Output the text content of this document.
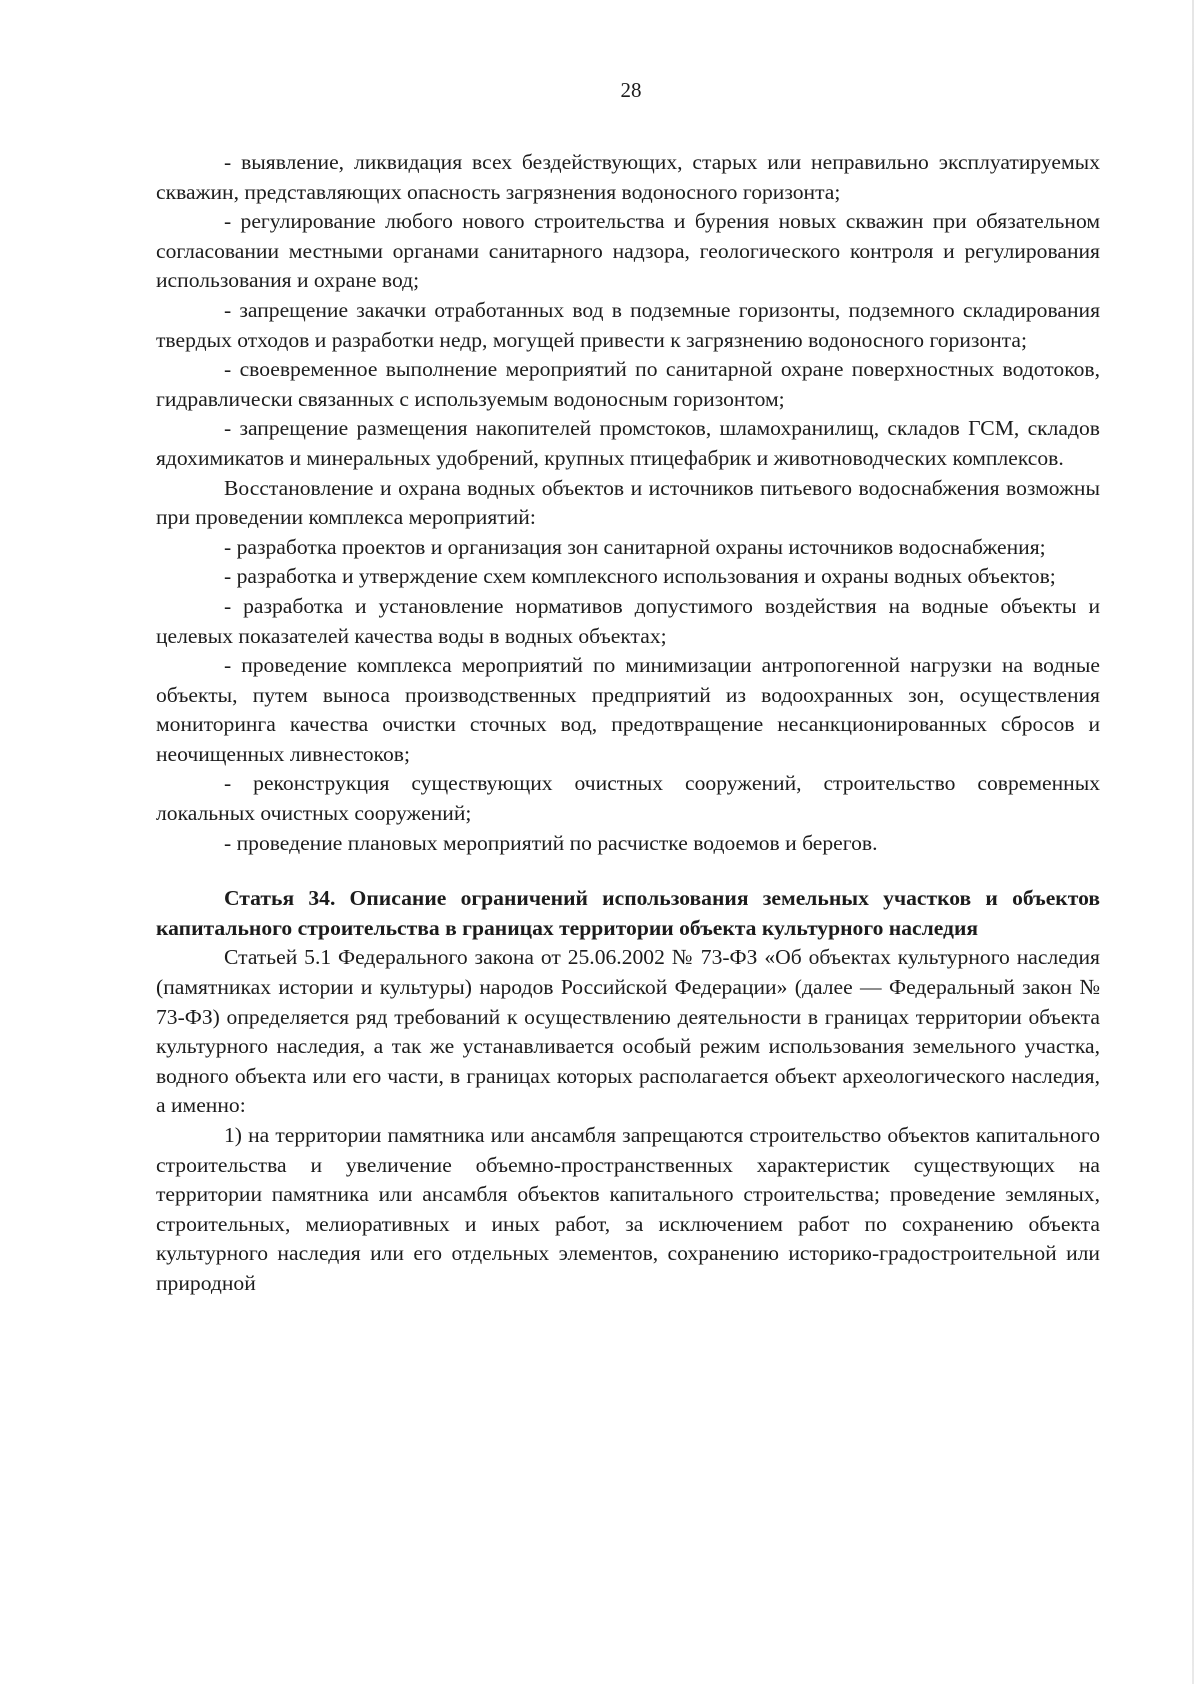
28

- выявление, ликвидация всех бездействующих, старых или неправильно эксплуатируемых скважин, представляющих опасность загрязнения водоносного горизонта;

- регулирование любого нового строительства и бурения новых скважин при обязательном согласовании местными органами санитарного надзора, геологического контроля и регулирования использования и охране вод;

- запрещение закачки отработанных вод в подземные горизонты, подземного складирования твердых отходов и разработки недр, могущей привести к загрязнению водоносного горизонта;

- своевременное выполнение мероприятий по санитарной охране поверхностных водотоков, гидравлически связанных с используемым водоносным горизонтом;

- запрещение размещения накопителей промстоков, шламохранилищ, складов ГСМ, складов ядохимикатов и минеральных удобрений, крупных птицефабрик и животноводческих комплексов.

Восстановление и охрана водных объектов и источников питьевого водоснабжения возможны при проведении комплекса мероприятий:

- разработка проектов и организация зон санитарной охраны источников водоснабжения;

- разработка и утверждение схем комплексного использования и охраны водных объектов;

- разработка и установление нормативов допустимого воздействия на водные объекты и целевых показателей качества воды в водных объектах;

- проведение комплекса мероприятий по минимизации антропогенной нагрузки на водные объекты, путем выноса производственных предприятий из водоохранных зон, осуществления мониторинга качества очистки сточных вод, предотвращение несанкционированных сбросов и неочищенных ливнестоков;

- реконструкция существующих очистных сооружений, строительство современных локальных очистных сооружений;

- проведение плановых мероприятий по расчистке водоемов и берегов.

Статья 34. Описание ограничений использования земельных участков и объектов капитального строительства в границах территории объекта культурного наследия

Статьей 5.1 Федерального закона от 25.06.2002 № 73-ФЗ «Об объектах культурного наследия (памятниках истории и культуры) народов Российской Федерации» (далее — Федеральный закон № 73-ФЗ) определяется ряд требований к осуществлению деятельности в границах территории объекта культурного наследия, а так же устанавливается особый режим использования земельного участка, водного объекта или его части, в границах которых располагается объект археологического наследия, а именно:

1) на территории памятника или ансамбля запрещаются строительство объектов капитального строительства и увеличение объемно-пространственных характеристик существующих на территории памятника или ансамбля объектов капитального строительства; проведение земляных, строительных, мелиоративных и иных работ, за исключением работ по сохранению объекта культурного наследия или его отдельных элементов, сохранению историко-градостроительной или природной
